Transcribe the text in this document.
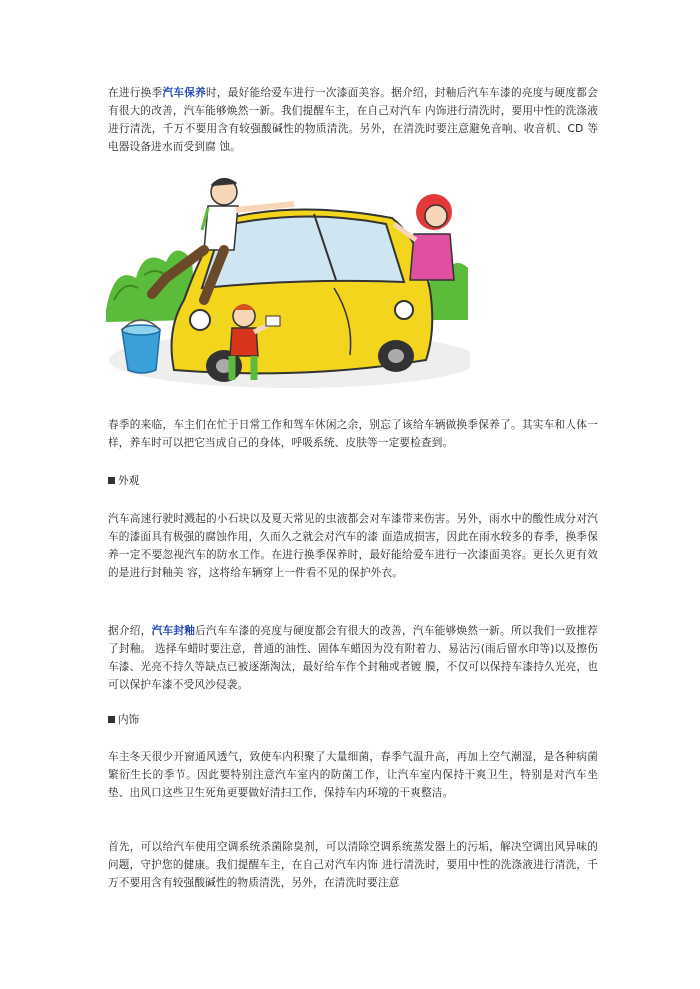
在进行换季汽车保养时，最好能给爱车进行一次漆面美容。据介绍，封釉后汽车车漆的亮度与硬度都会有很大的改善，汽车能够焕然一新。我们提醒车主，在自己对汽车 内饰进行清洗时，要用中性的洗涤液进行清洗，千万不要用含有较强酸碱性的物质清洗。另外，在清洗时要注意避免音响、收音机、CD 等电器设备进水而受到腐 蚀。

春季的来临，车主们在忙于日常工作和驾车休闲之余，别忘了该给车辆做换季保养了。其实车和人体一样，养车时可以把它当成自己的身体，呼吸系统、皮肤等一定要检查到。

外观

汽车高速行驶时溅起的小石块以及夏天常见的虫液都会对车漆带来伤害。另外，雨水中的酸性成分对汽车的漆面具有极强的腐蚀作用，久而久之就会对汽车的漆 面造成损害，因此在雨水较多的春季，换季保养一定不要忽视汽车的防水工作。在进行换季保养时，最好能给爱车进行一次漆面美容。更长久更有效的是进行封釉美 容，这将给车辆穿上一件看不见的保护外衣。

据介绍，汽车封釉后汽车车漆的亮度与硬度都会有很大的改善，汽车能够焕然一新。所以我们一致推荐了封釉。 选择车蜡时要注意，普通的油性、固体车蜡因为没有附着力、易沾污(雨后留水印等)以及擦伤车漆、光亮不持久等缺点已被逐渐淘汰，最好给车作个封釉或者镀 膜，不仅可以保持车漆持久光亮，也可以保护车漆不受风沙侵袭。

内饰

车主冬天很少开窗通风透气，致使车内积聚了大量细菌，春季气温升高，再加上空气潮湿，是各种病菌繁衍生长的季节。因此要特别注意汽车室内的防菌工作，让汽车室内保持干爽卫生，特别是对汽车坐垫、出风口这些卫生死角更要做好清扫工作，保持车内环境的干爽整洁。

首先，可以给汽车使用空调系统杀菌除臭剂，可以清除空调系统蒸发器上的污垢，解决空调出风异味的问题，守护您的健康。我们提醒车主，在自己对汽车内饰 进行清洗时，要用中性的洗涤液进行清洗，千万不要用含有较强酸碱性的物质清洗，另外，在清洗时要注意
